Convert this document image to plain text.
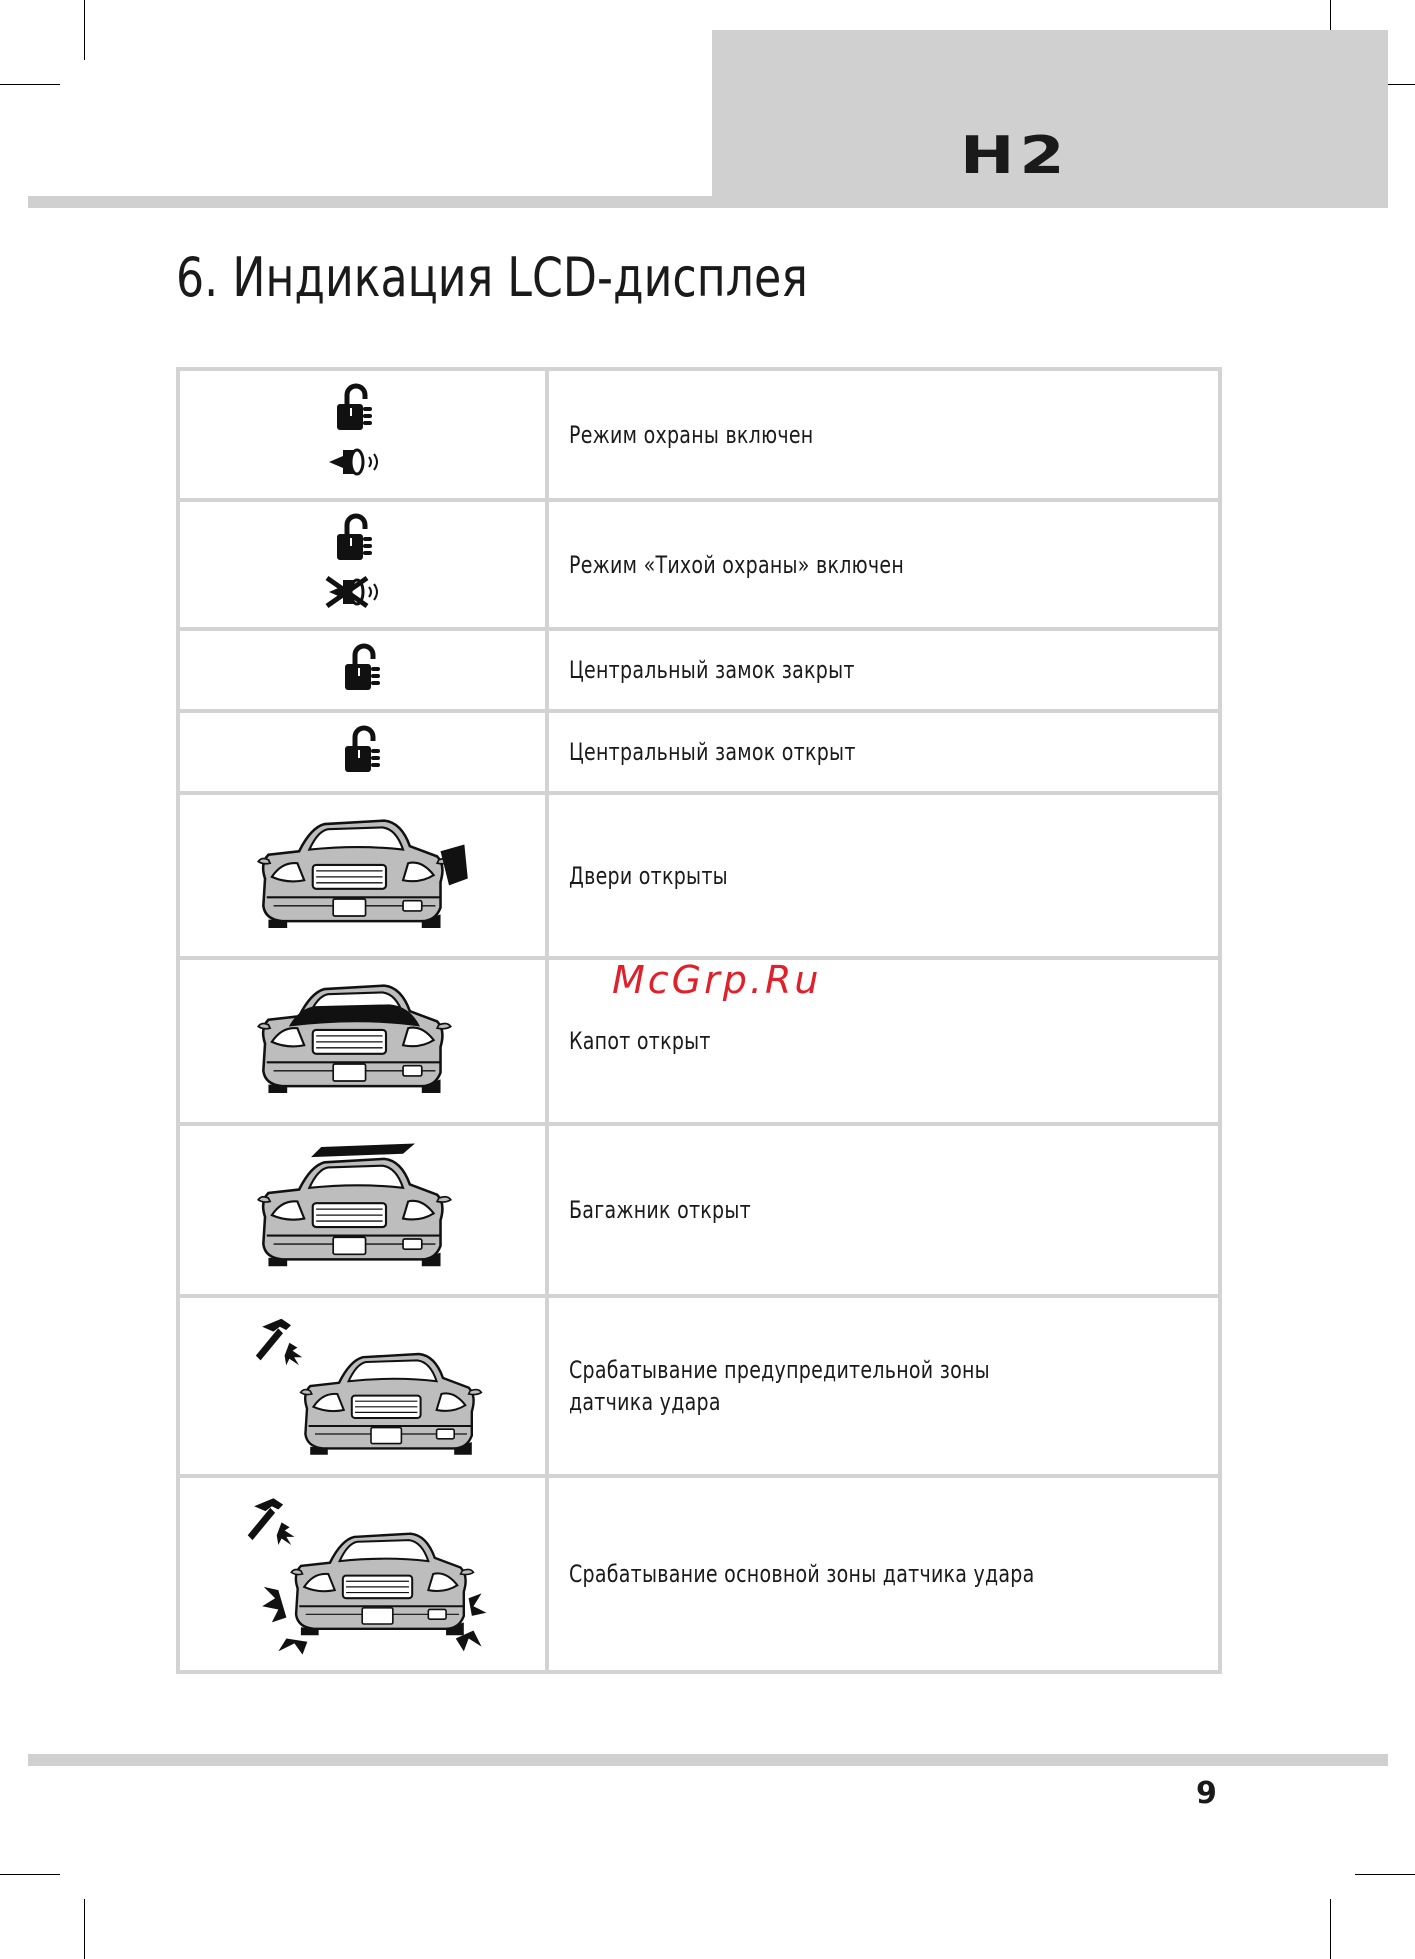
H2
6. Индикация LCD-дисплея
	Режим охраны включен

	Режим «Тихой охраны» включен

	Центральный замок закрыт

	Центральный замок открыт

	Двери открыты

	Капот открыт

	Багажник открыт

	Срабатывание предупредительной зоны
датчика удара

	Срабатывание основной зоны датчика удара
McGrp.Ru
9
